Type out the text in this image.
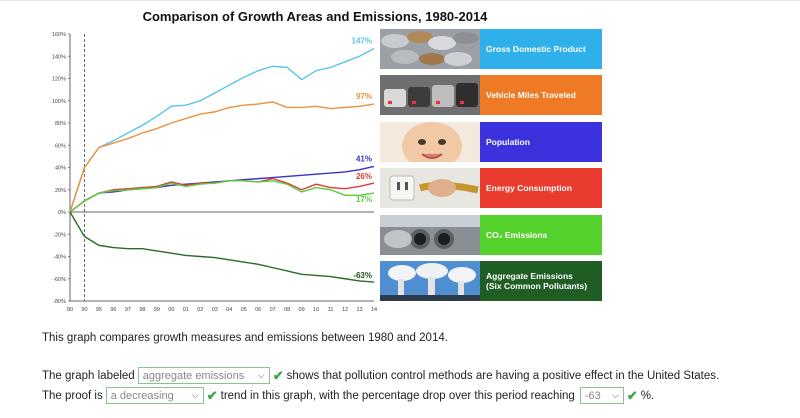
Comparison of Growth Areas and Emissions, 1980-2014
160%
140%
120%
100%
80%
60%
40%
20%
0%
-20%
-40%
-60%
-80%
80 90 95 96 97 98 99 00 01 02 03 04 05 06 07 08 09 10 11 12 13 14
147%
97%
41%
26%
17%
-63%
Gross Domestic Product
Vehicle Miles Traveled
Population
Energy Consumption
CO₂ Emissions
Aggregate Emissions
(Six Common Pollutants)
This graph compares growth measures and emissions between 1980 and 2014.
The graph labeled aggregate emissions ⌵ ✔ shows that pollution control methods are having a positive effect in the United States.
The proof is a decreasing ⌵ ✔ trend in this graph, with the percentage drop over this period reaching -63 ⌵ ✔ %.
